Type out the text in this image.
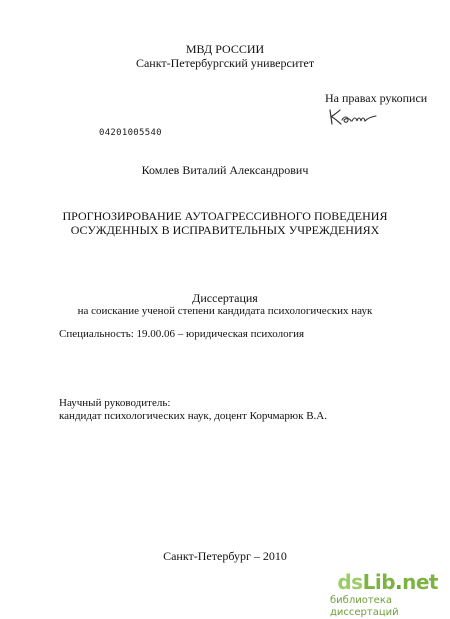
МВД РОССИИ
Санкт-Петербургский университет
На правах рукописи
04201005540
Комлев Виталий Александрович
ПРОГНОЗИРОВАНИЕ АУТОАГРЕССИВНОГО ПОВЕДЕНИЯ
ОСУЖДЕННЫХ В ИСПРАВИТЕЛЬНЫХ УЧРЕЖДЕНИЯХ
Диссертация
на соискание ученой степени кандидата психологических наук
Специальность: 19.00.06 – юридическая психология
Научный руководитель:
кандидат психологических наук, доцент Корчмарюк В.А.
Санкт-Петербург – 2010
dsLib.net
библиотека диссертаций
